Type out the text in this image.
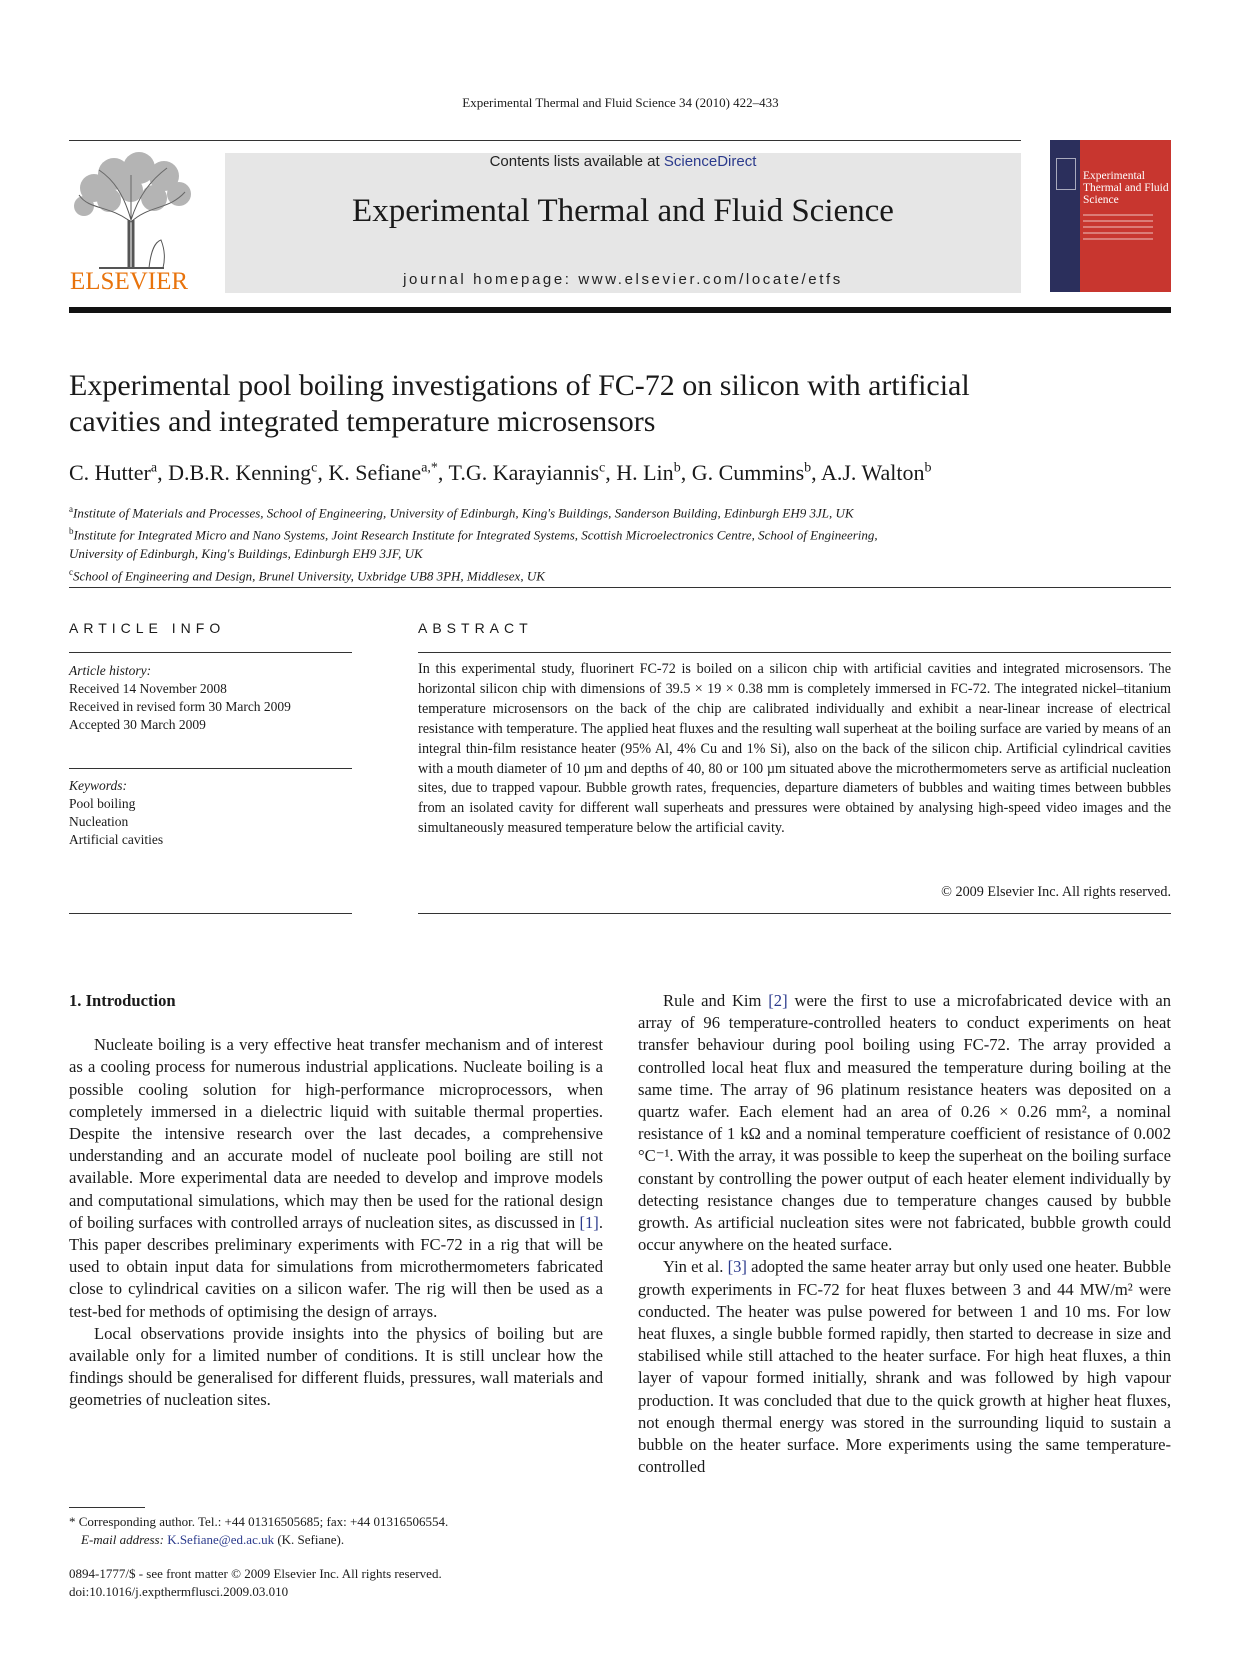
Experimental Thermal and Fluid Science 34 (2010) 422–433
ELSEVIER
Contents lists available at ScienceDirect
Experimental Thermal and Fluid Science
journal homepage: www.elsevier.com/locate/etfs
Experimental Thermal and Fluid Science
Experimental pool boiling investigations of FC-72 on silicon with artificial
cavities and integrated temperature microsensors
C. Hutter$^a$, D.B.R. Kenning$^c$, K. Sefiane$^{a,*}$, T.G. Karayiannis$^c$, H. Lin$^b$, G. Cummins$^b$, A.J. Walton$^b$
$^a$Institute of Materials and Processes, School of Engineering, University of Edinburgh, King's Buildings, Sanderson Building, Edinburgh EH9 3JL, UK
$^b$Institute for Integrated Micro and Nano Systems, Joint Research Institute for Integrated Systems, Scottish Microelectronics Centre, School of Engineering,
University of Edinburgh, King's Buildings, Edinburgh EH9 3JF, UK
$^c$School of Engineering and Design, Brunel University, Uxbridge UB8 3PH, Middlesex, UK
ARTICLE INFO
Article history:
Received 14 November 2008
Received in revised form 30 March 2009
Accepted 30 March 2009
Keywords:
Pool boiling
Nucleation
Artificial cavities
ABSTRACT
In this experimental study, fluorinert FC-72 is boiled on a silicon chip with artificial cavities and integrated microsensors. The horizontal silicon chip with dimensions of 39.5 × 19 × 0.38 mm is completely immersed in FC-72. The integrated nickel–titanium temperature microsensors on the back of the chip are calibrated individually and exhibit a near-linear increase of electrical resistance with temperature. The applied heat fluxes and the resulting wall superheat at the boiling surface are varied by means of an integral thin-film resistance heater (95% Al, 4% Cu and 1% Si), also on the back of the silicon chip. Artificial cylindrical cavities with a mouth diameter of 10 µm and depths of 40, 80 or 100 µm situated above the microthermometers serve as artificial nucleation sites, due to trapped vapour. Bubble growth rates, frequencies, departure diameters of bubbles and waiting times between bubbles from an isolated cavity for different wall superheats and pressures were obtained by analysing high-speed video images and the simultaneously measured temperature below the artificial cavity.
© 2009 Elsevier Inc. All rights reserved.
1. Introduction

Nucleate boiling is a very effective heat transfer mechanism and of interest as a cooling process for numerous industrial applications. Nucleate boiling is a possible cooling solution for high-performance microprocessors, when completely immersed in a dielectric liquid with suitable thermal properties. Despite the intensive research over the last decades, a comprehensive understanding and an accurate model of nucleate pool boiling are still not available. More experimental data are needed to develop and improve models and computational simulations, which may then be used for the rational design of boiling surfaces with controlled arrays of nucleation sites, as discussed in [1]. This paper describes preliminary experiments with FC-72 in a rig that will be used to obtain input data for simulations from microthermometers fabricated close to cylindrical cavities on a silicon wafer. The rig will then be used as a test-bed for methods of optimising the design of arrays.

Local observations provide insights into the physics of boiling but are available only for a limited number of conditions. It is still unclear how the findings should be generalised for different fluids, pressures, wall materials and geometries of nucleation sites.

Rule and Kim [2] were the first to use a microfabricated device with an array of 96 temperature-controlled heaters to conduct experiments on heat transfer behaviour during pool boiling using FC-72. The array provided a controlled local heat flux and measured the temperature during boiling at the same time. The array of 96 platinum resistance heaters was deposited on a quartz wafer. Each element had an area of 0.26 × 0.26 mm², a nominal resistance of 1 kΩ and a nominal temperature coefficient of resistance of 0.002 °C⁻¹. With the array, it was possible to keep the superheat on the boiling surface constant by controlling the power output of each heater element individually by detecting resistance changes due to temperature changes caused by bubble growth. As artificial nucleation sites were not fabricated, bubble growth could occur anywhere on the heated surface.

Yin et al. [3] adopted the same heater array but only used one heater. Bubble growth experiments in FC-72 for heat fluxes between 3 and 44 MW/m² were conducted. The heater was pulse powered for between 1 and 10 ms. For low heat fluxes, a single bubble formed rapidly, then started to decrease in size and stabilised while still attached to the heater surface. For high heat fluxes, a thin layer of vapour formed initially, shrank and was followed by high vapour production. It was concluded that due to the quick growth at higher heat fluxes, not enough thermal energy was stored in the surrounding liquid to sustain a bubble on the heater surface. More experiments using the same temperature-controlled

* Corresponding author. Tel.: +44 01316505685; fax: +44 01316506554.
E-mail address: K.Sefiane@ed.ac.uk (K. Sefiane).
0894-1777/$ - see front matter © 2009 Elsevier Inc. All rights reserved.
doi:10.1016/j.expthermflusci.2009.03.010
